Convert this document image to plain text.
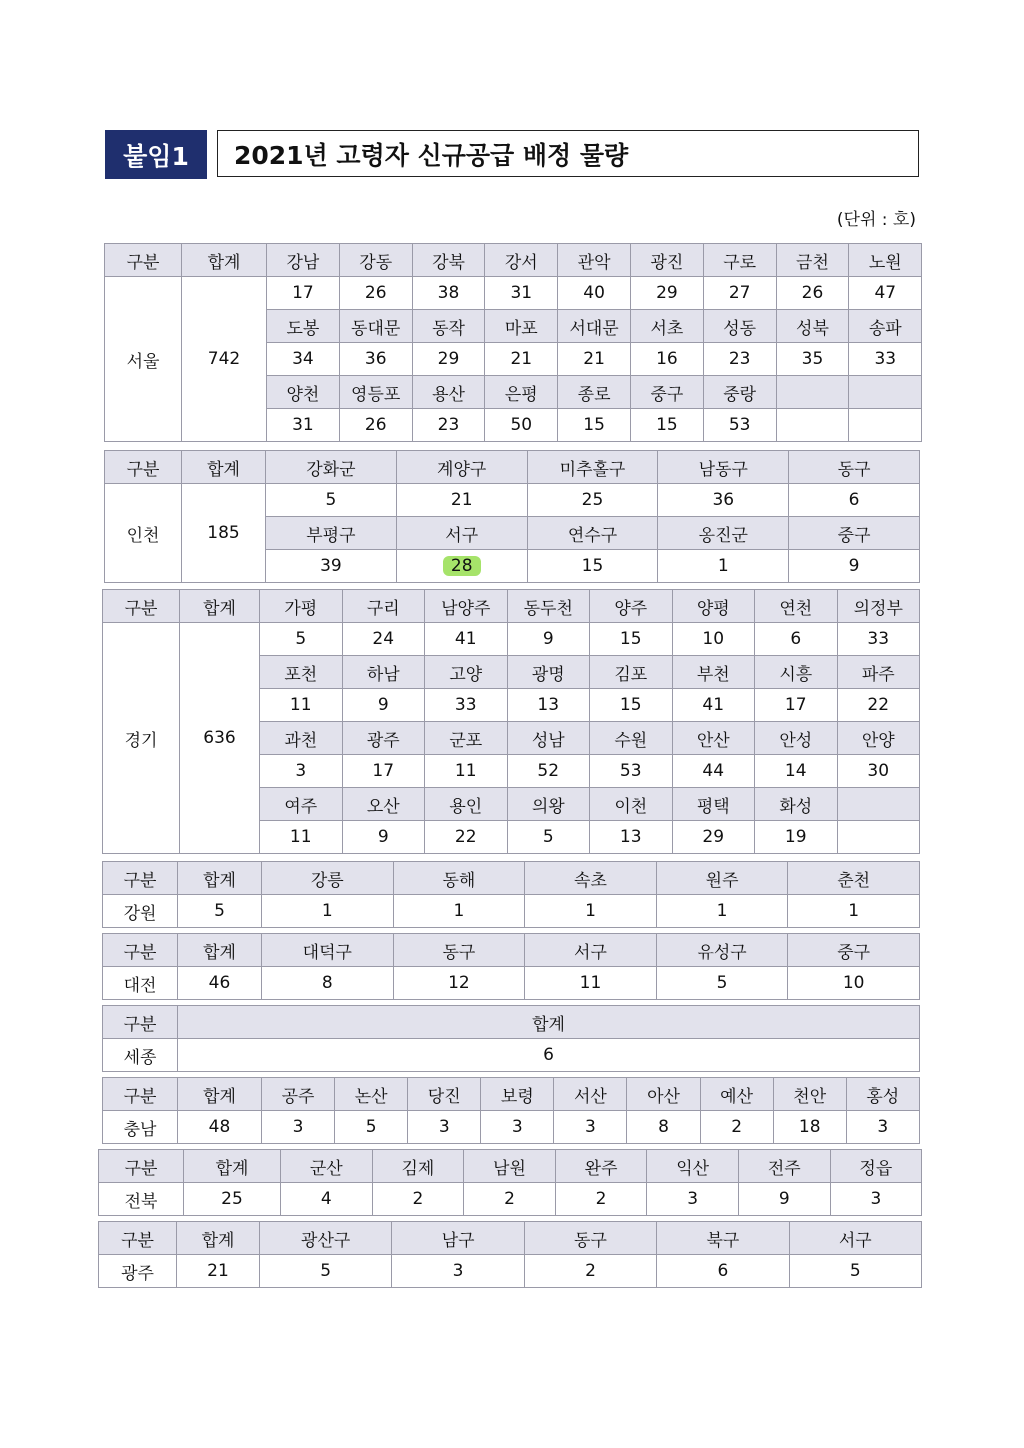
붙임1	2021년 고령자 신규공급 배정 물량
(단위 : 호)
구분	합계	강남	강동	강북	강서	관악	광진	구로	금천	노원
서울	742	17	26	38	31	40	29	27	26	47
		도봉	동대문	동작	마포	서대문	서초	성동	성북	송파
		34	36	29	21	21	16	23	35	33
		양천	영등포	용산	은평	종로	중구	중랑		
		31	26	23	50	15	15	53		
구분	합계	강화군	계양구	미추홀구	남동구	동구
인천	185	5	21	25	36	6
		부평구	서구	연수구	옹진군	중구
		39	28	15	1	9
구분	합계	가평	구리	남양주	동두천	양주	양평	연천	의정부
경기	636	5	24	41	9	15	10	6	33
		포천	하남	고양	광명	김포	부천	시흥	파주
		11	9	33	13	15	41	17	22
		과천	광주	군포	성남	수원	안산	안성	안양
		3	17	11	52	53	44	14	30
		여주	오산	용인	의왕	이천	평택	화성	
		11	9	22	5	13	29	19	
구분	합계	강릉	동해	속초	원주	춘천
강원	5	1	1	1	1	1
구분	합계	대덕구	동구	서구	유성구	중구
대전	46	8	12	11	5	10
구분	합계
세종	6
구분	합계	공주	논산	당진	보령	서산	아산	예산	천안	홍성
충남	48	3	5	3	3	3	8	2	18	3
구분	합계	군산	김제	남원	완주	익산	전주	정읍
전북	25	4	2	2	2	3	9	3
구분	합계	광산구	남구	동구	북구	서구
광주	21	5	3	2	6	5
